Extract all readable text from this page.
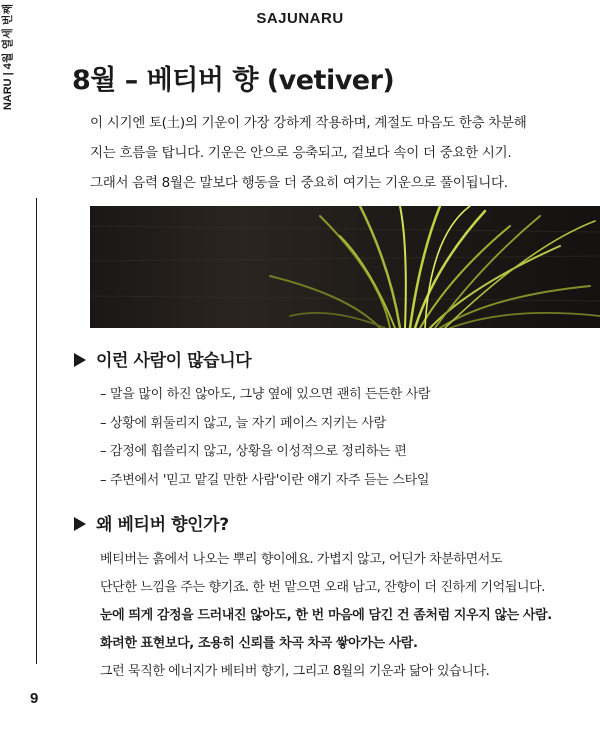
SAJUNARU
NARU | 4월 열세 번째
9
8월 – 베티버 향 (vetiver)

이 시기엔 토(土)의 기운이 가장 강하게 작용하며, 계절도 마음도 한층 차분해

지는 흐름을 탑니다. 기운은 안으로 응축되고, 겉보다 속이 더 중요한 시기.

그래서 음력 8월은 말보다 행동을 더 중요히 여기는 기운으로 풀이됩니다.

이런 사람이 많습니다
– 말을 많이 하진 않아도, 그냥 옆에 있으면 괜히 든든한 사람
– 상황에 휘둘리지 않고, 늘 자기 페이스 지키는 사람
– 감정에 휩쓸리지 않고, 상황을 이성적으로 정리하는 편
– 주변에서 '믿고 맡길 만한 사람'이란 얘기 자주 듣는 스타일
왜 베티버 향인가?
베티버는 흙에서 나오는 뿌리 향이에요. 가볍지 않고, 어딘가 차분하면서도
단단한 느낌을 주는 향기죠. 한 번 맡으면 오래 남고, 잔향이 더 진하게 기억됩니다.
눈에 띄게 감정을 드러내진 않아도, 한 번 마음에 담긴 건 좀처럼 지우지 않는 사람.
화려한 표현보다, 조용히 신뢰를 차곡 차곡 쌓아가는 사람.
그런 묵직한 에너지가 베티버 향기, 그리고 8월의 기운과 닮아 있습니다.
